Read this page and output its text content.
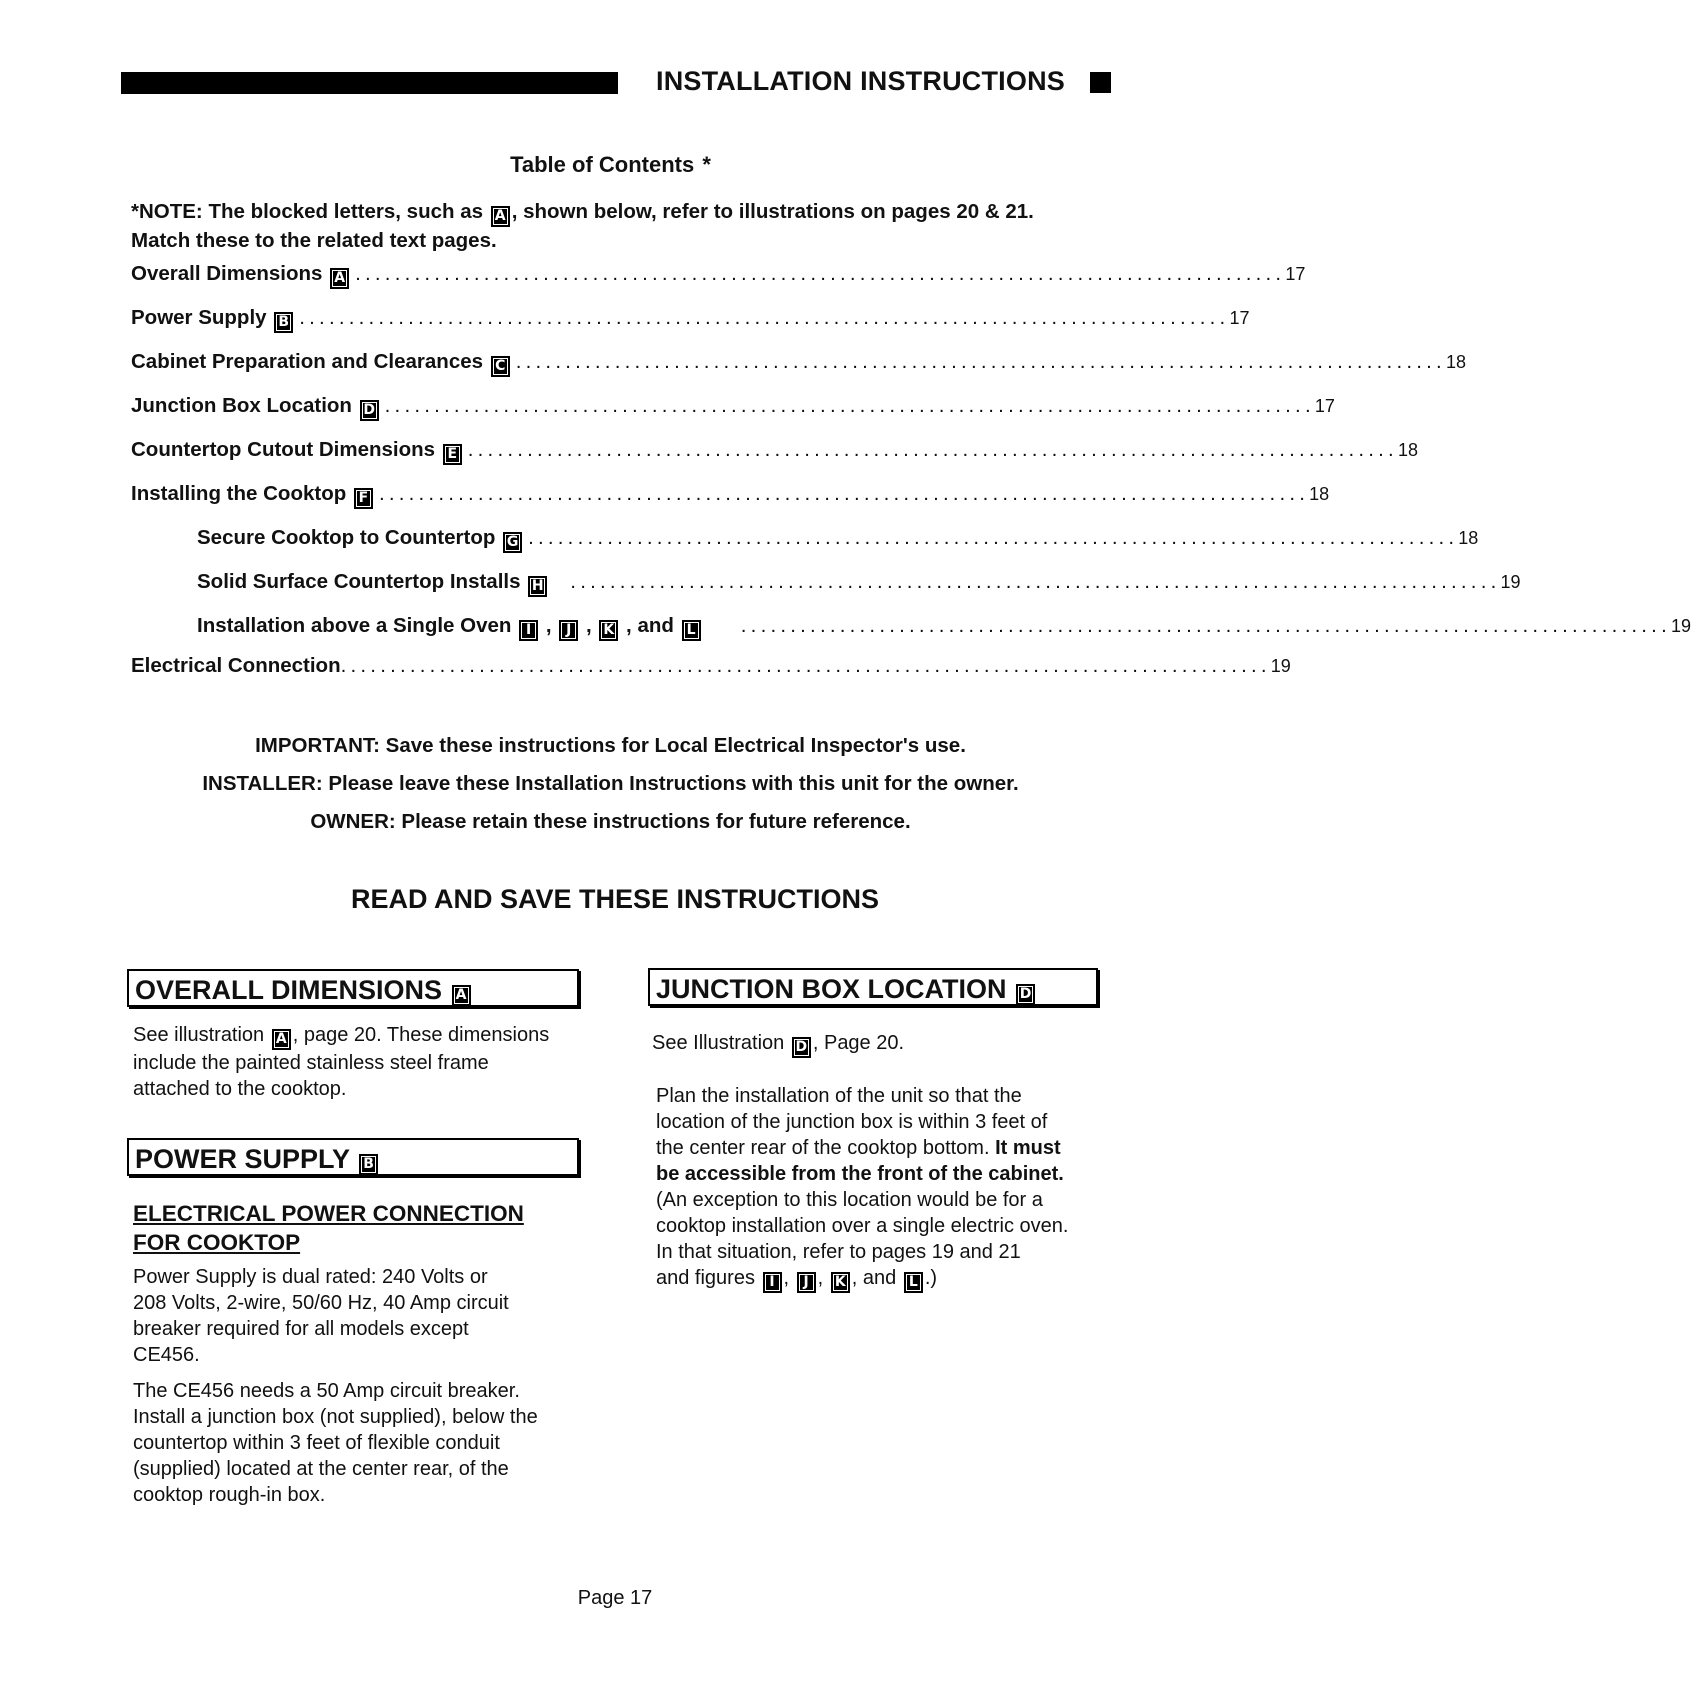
INSTALLATION INSTRUCTIONS
Table of Contents *
*NOTE: The blocked letters, such as A , shown below, refer to illustrations on pages 20 & 21.
Match these to the related text pages.
Overall Dimensions A .............................................................................................. 17
Power Supply B .............................................................................................. 17
Cabinet Preparation and Clearances C .............................................................................................. 18
Junction Box Location D .............................................................................................. 17
Countertop Cutout Dimensions E .............................................................................................. 18
Installing the Cooktop F .............................................................................................. 18
Secure Cooktop to Countertop G .............................................................................................. 18
Solid Surface Countertop Installs H	.............................................................................................. 19
Installation above a Single Oven I , J , K , and L	.............................................................................................. 19
Electrical Connection .............................................................................................. 19
IMPORTANT: Save these instructions for Local Electrical Inspector's use.
INSTALLER: Please leave these Installation Instructions with this unit for the owner.
OWNER: Please retain these instructions for future reference.
READ AND SAVE THESE INSTRUCTIONS
OVERALL DIMENSIONS A
See illustration A , page 20. These dimensions
include the painted stainless steel frame
attached to the cooktop.
POWER SUPPLY B
ELECTRICAL POWER CONNECTION
FOR COOKTOP
Power Supply is dual rated: 240 Volts or
208 Volts, 2-wire, 50/60 Hz, 40 Amp circuit
breaker required for all models except
CE456.
The CE456 needs a 50 Amp circuit breaker.
Install a junction box (not supplied), below the
countertop within 3 feet of flexible conduit
(supplied) located at the center rear, of the
cooktop rough-in box.
JUNCTION BOX LOCATION D
See Illustration D , Page 20.
Plan the installation of the unit so that the
location of the junction box is within 3 feet of
the center rear of the cooktop bottom. It must
be accessible from the front of the cabinet.
(An exception to this location would be for a
cooktop installation over a single electric oven.
In that situation, refer to pages 19 and 21
and figures I , J , K , and L .)
Page 17
